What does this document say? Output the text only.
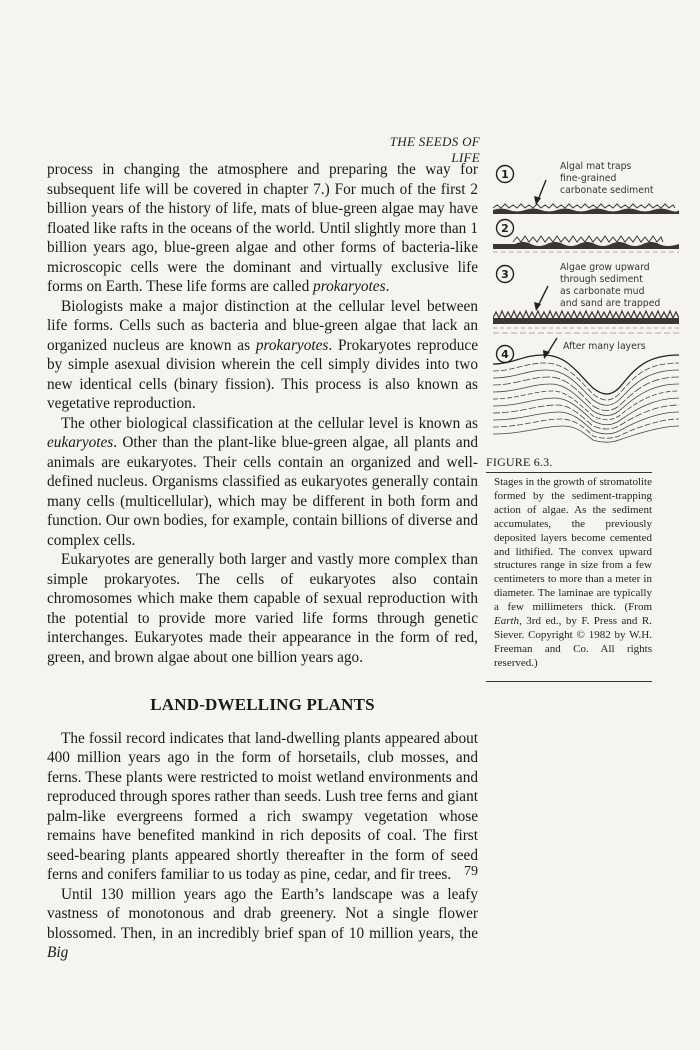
THE SEEDS OF LIFE

process in changing the atmosphere and preparing the way for subsequent life will be covered in chapter 7.) For much of the first 2 billion years of the history of life, mats of blue-green algae may have floated like rafts in the oceans of the world. Until slightly more than 1 billion years ago, blue-green algae and other forms of bacteria-like microscopic cells were the dominant and virtually exclusive life forms on Earth. These life forms are called prokaryotes.

Biologists make a major distinction at the cellular level between life forms. Cells such as bacteria and blue-green algae that lack an organized nucleus are known as prokaryotes. Prokaryotes reproduce by simple asexual division wherein the cell simply divides into two new identical cells (binary fission). This process is also known as vegetative reproduction.

The other biological classification at the cellular level is known as eukaryotes. Other than the plant-like blue-green algae, all plants and animals are eukaryotes. Their cells contain an organized and well-defined nucleus. Organisms classified as eukaryotes generally contain many cells (multicellular), which may be different in both form and function. Our own bodies, for example, contain billions of diverse and complex cells.

Eukaryotes are generally both larger and vastly more complex than simple prokaryotes. The cells of eukaryotes also contain chromosomes which make them capable of sexual reproduction with the potential to provide more varied life forms through genetic interchanges. Eukaryotes made their appearance in the form of red, green, and brown algae about one billion years ago.

LAND-DWELLING PLANTS

The fossil record indicates that land-dwelling plants appeared about 400 million years ago in the form of horsetails, club mosses, and ferns. These plants were restricted to moist wetland environments and reproduced through spores rather than seeds. Lush tree ferns and giant palm-like evergreens formed a rich swampy vegetation whose remains have benefited mankind in rich deposits of coal. The first seed-bearing plants appeared shortly thereafter in the form of seed ferns and conifers familiar to us today as pine, cedar, and fir trees.

Until 130 million years ago the Earth’s landscape was a leafy vastness of monotonous and drab greenery. Not a single flower blossomed. Then, in an incredibly brief span of 10 million years, the Big

1
2
3
4
Algal mat traps fine-grained carbonate sediment
Algae grow upward through sediment as carbonate mud and sand are trapped
After many layers
FIGURE 6.3.
Stages in the growth of stromatolite formed by the sediment-trapping action of algae. As the sediment accumulates, the previously deposited layers become cemented and lithified. The convex upward structures range in size from a few centimeters to more than a meter in diameter. The laminae are typically a few millimeters thick. (From Earth, 3rd ed., by F. Press and R. Siever. Copyright © 1982 by W.H. Freeman and Co. All rights reserved.)
79
